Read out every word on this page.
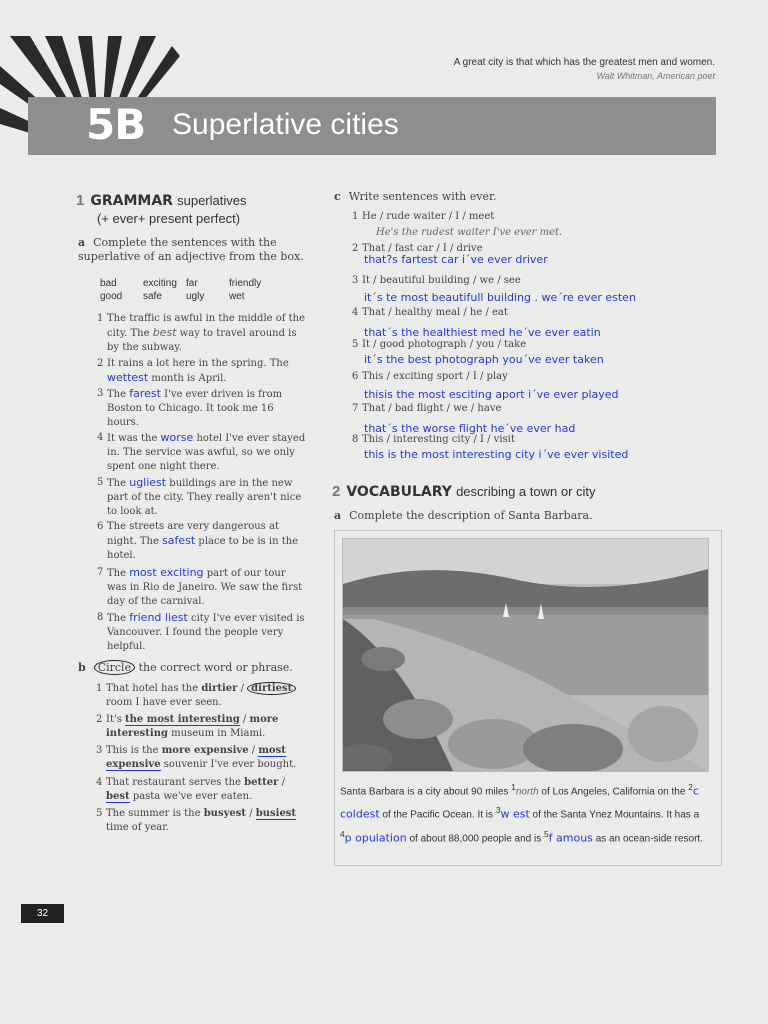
A great city is that which has the greatest men and women.
Walt Whitman, American poet
5B Superlative cities
1 GRAMMAR superlatives
(+ ever+ present perfect)
a Complete the sentences with the superlative of an adjective from the box.
bad	exciting far	friendly
good safe ugly wet
1 The traffic is awful in the middle of the city. The best way to travel around is by the subway.
2 It rains a lot here in the spring. The wettest month is April.
3 The farest I've ever driven is from Boston to Chicago. It took me 16 hours.
4 It was the worse hotel I've ever stayed in. The service was awful, so we only spent one night there.
5 The ugliest buildings are in the new part of the city. They really aren't nice to look at.
6 The streets are very dangerous at night. The safest place to be is in the hotel.
7 The most exciting part of our tour was in Rio de Janeiro. We saw the first day of the carnival.
8 The friend liest city I've ever visited is Vancouver. I found the people very helpful.
b Circle the correct word or phrase.
1 That hotel has the dirtier / dirtiest room I have ever seen.
2 It's the most interesting / more interesting museum in Miami.
3 This is the more expensive / most expensive souvenir I've ever bought.
4 That restaurant serves the better / best pasta we've ever eaten.
5 The summer is the busyest / busiest time of year.
c Write sentences with ever.
1 He / rude waiter / I / meet
He's the rudest waiter I've ever met.
2 That / fast car / I / drive
that?s fartest car i´ve ever driver
3 It / beautiful building / we / see
it´s te most beautifull building . we´re ever esten
4 That / healthy meal / he / eat
that´s the healthiest med he´ve ever eatin
5 It / good photograph / you / take
it´s the best photograph you´ve ever taken
6 This / exciting sport / I / play
thisis the most esciting aport i´ve ever played
7 That / bad flight / we / have
that´s the worse flight he´ve ever had
8 This / interesting city / I / visit
this is the most interesting city i´ve ever visited
2 VOCABULARY describing a town or city
a Complete the description of Santa Barbara.
Santa Barbara is a city about 90 miles $^1$north of Los Angeles, California on the $^2$c coldest of the Pacific Ocean. It is $^3$w est of the Santa Ynez Mountains. It has a $^4$p opulation of about 88,000 people and is $^5$f amous as an ocean-side resort.
32
